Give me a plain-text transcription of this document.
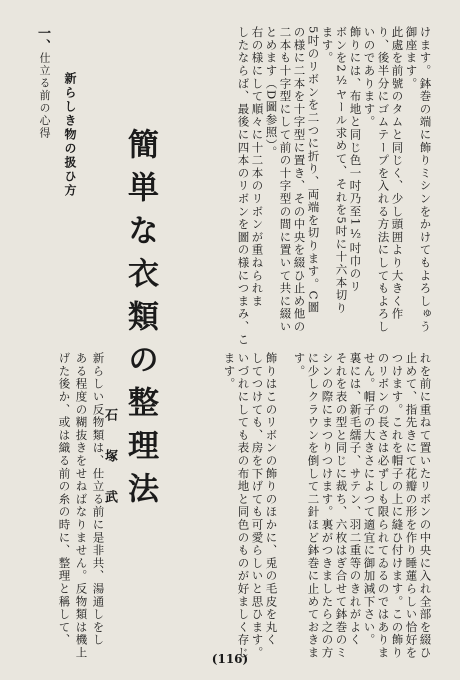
けます。鉢巻の端に飾りミシンをかけてもよろしゅう
御座ます。
此處を前號のタムと同じく、少し頭囲より大きく作
り、後半分にゴムテープを入れる方法にしてもよろし
いのであります。
飾りには、布地と同じ色一吋乃至1½吋巾のリ
ボンを2½ヤール求めて、それを5吋に十六本切り
ます。
5吋のリボンを二つに折り、両端を切ります。C圖
の様に二本を十字型に置き、その中央を綴ひ止め他の
二本も十字型にして前の十字型の間に置いて共に綴い
とめます（D圖参照）。
右の様にして順々に十二本のリボンが重ねられま
したならば、最後に四本のリボンを圖の様につまみ、こ
れを前に重ねて置いたリボンの中央に入れ全部を綴ひ
止めて、指先きにて花瓣の形を作り睡蓮らしい恰好を
つけます。これを帽子の上に縫ひ付けます。この飾り
のリボンの長さは必ずしも限られてゐるのではありま
せん。帽子の大きさによつて適宜に御加減下さい。
裏には、新毛繻子、サテン、羽二重等のきれがよく
それを表の型と同じに裁ち、六枚はぎ合せて鉢巻のミ
シンの際にまつりつけます。裏がつきましたら之の方
に少しクラウンを倒して二針ほど鉢巻に止めておきま
す。
飾りはこのリボンの飾りのほかに、兎の毛皮を丸く
してつけても、房を下げても可愛らしいと思ひます。
いづれにしても表の布地と同色のものが好ましく存じ
ます。
新らしい反物類は、仕立る前に是非共、湯通しをし
ある程度の糊抜きをせねばなりません。反物類は機上
げた後か、或は織る前の糸の時に、整理と稱して、 簡単な衣類の整理法
石塚武
一、
新らしき物の扱ひ方
仕立る前の心得
(116)
